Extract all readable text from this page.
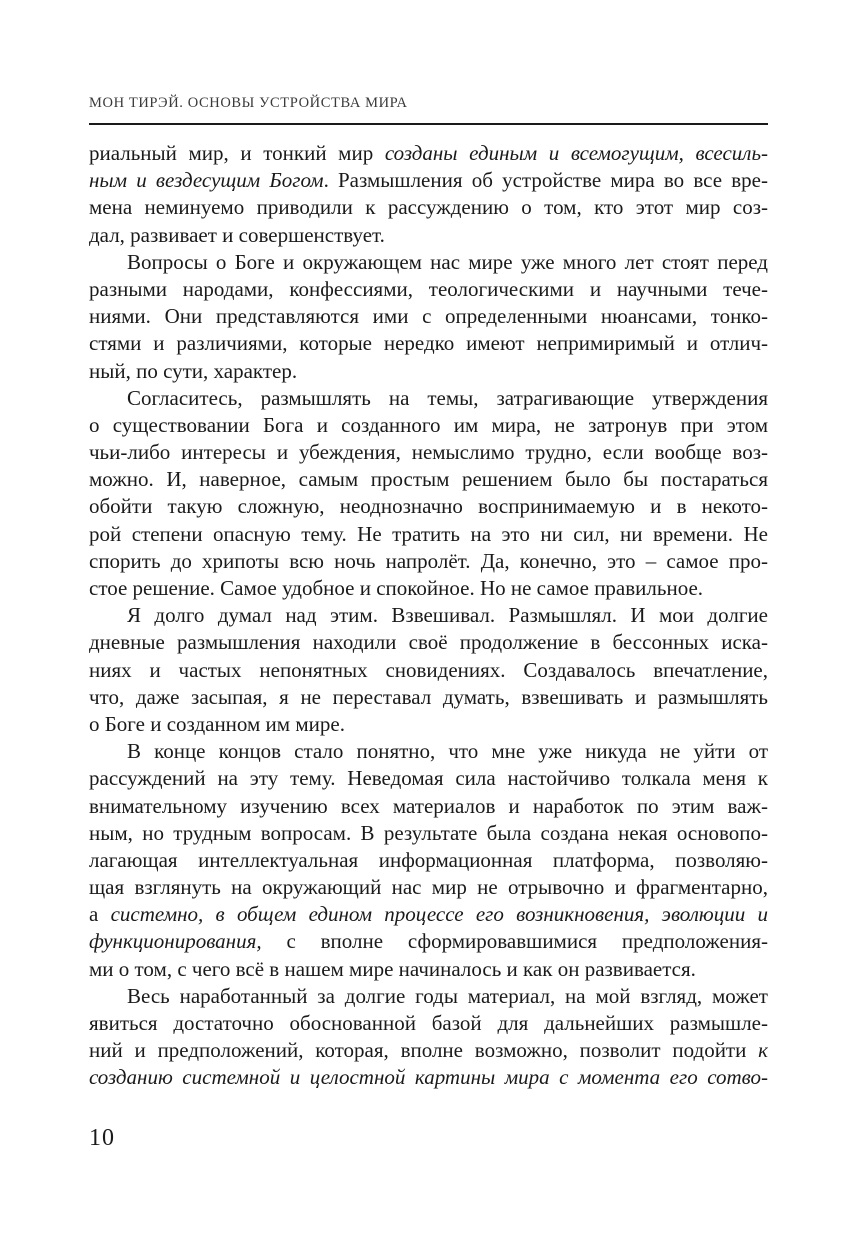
МОН ТИРЭЙ. ОСНОВЫ УСТРОЙСТВА МИРА
риальный мир, и тонкий мир созданы единым и всемогущим, всесиль-
ным и вездесущим Богом. Размышления об устройстве мира во все вре-
мена неминуемо приводили к рассуждению о том, кто этот мир соз-
дал, развивает и совершенствует.
Вопросы о Боге и окружающем нас мире уже много лет стоят перед
разными народами, конфессиями, теологическими и научными тече-
ниями. Они представляются ими с определенными нюансами, тонко-
стями и различиями, которые нередко имеют непримиримый и отлич-
ный, по сути, характер.
Согласитесь, размышлять на темы, затрагивающие утверждения
о существовании Бога и созданного им мира, не затронув при этом
чьи-либо интересы и убеждения, немыслимо трудно, если вообще воз-
можно. И, наверное, самым простым решением было бы постараться
обойти такую сложную, неоднозначно воспринимаемую и в некото-
рой степени опасную тему. Не тратить на это ни сил, ни времени. Не
спорить до хрипоты всю ночь напролёт. Да, конечно, это – самое про-
стое решение. Самое удобное и спокойное. Но не самое правильное.
Я долго думал над этим. Взвешивал. Размышлял. И мои долгие
дневные размышления находили своё продолжение в бессонных иска-
ниях и частых непонятных сновидениях. Создавалось впечатление,
что, даже засыпая, я не переставал думать, взвешивать и размышлять
о Боге и созданном им мире.
В конце концов стало понятно, что мне уже никуда не уйти от
рассуждений на эту тему. Неведомая сила настойчиво толкала меня к
внимательному изучению всех материалов и наработок по этим важ-
ным, но трудным вопросам. В результате была создана некая основопо-
лагающая интеллектуальная информационная платформа, позволяю-
щая взглянуть на окружающий нас мир не отрывочно и фрагментарно,
а системно, в общем едином процессе его возникновения, эволюции и
функционирования, с вполне сформировавшимися предположения-
ми о том, с чего всё в нашем мире начиналось и как он развивается.
Весь наработанный за долгие годы материал, на мой взгляд, может
явиться достаточно обоснованной базой для дальнейших размышле-
ний и предположений, которая, вполне возможно, позволит подойти к
созданию системной и целостной картины мира с момента его сотво-
10
